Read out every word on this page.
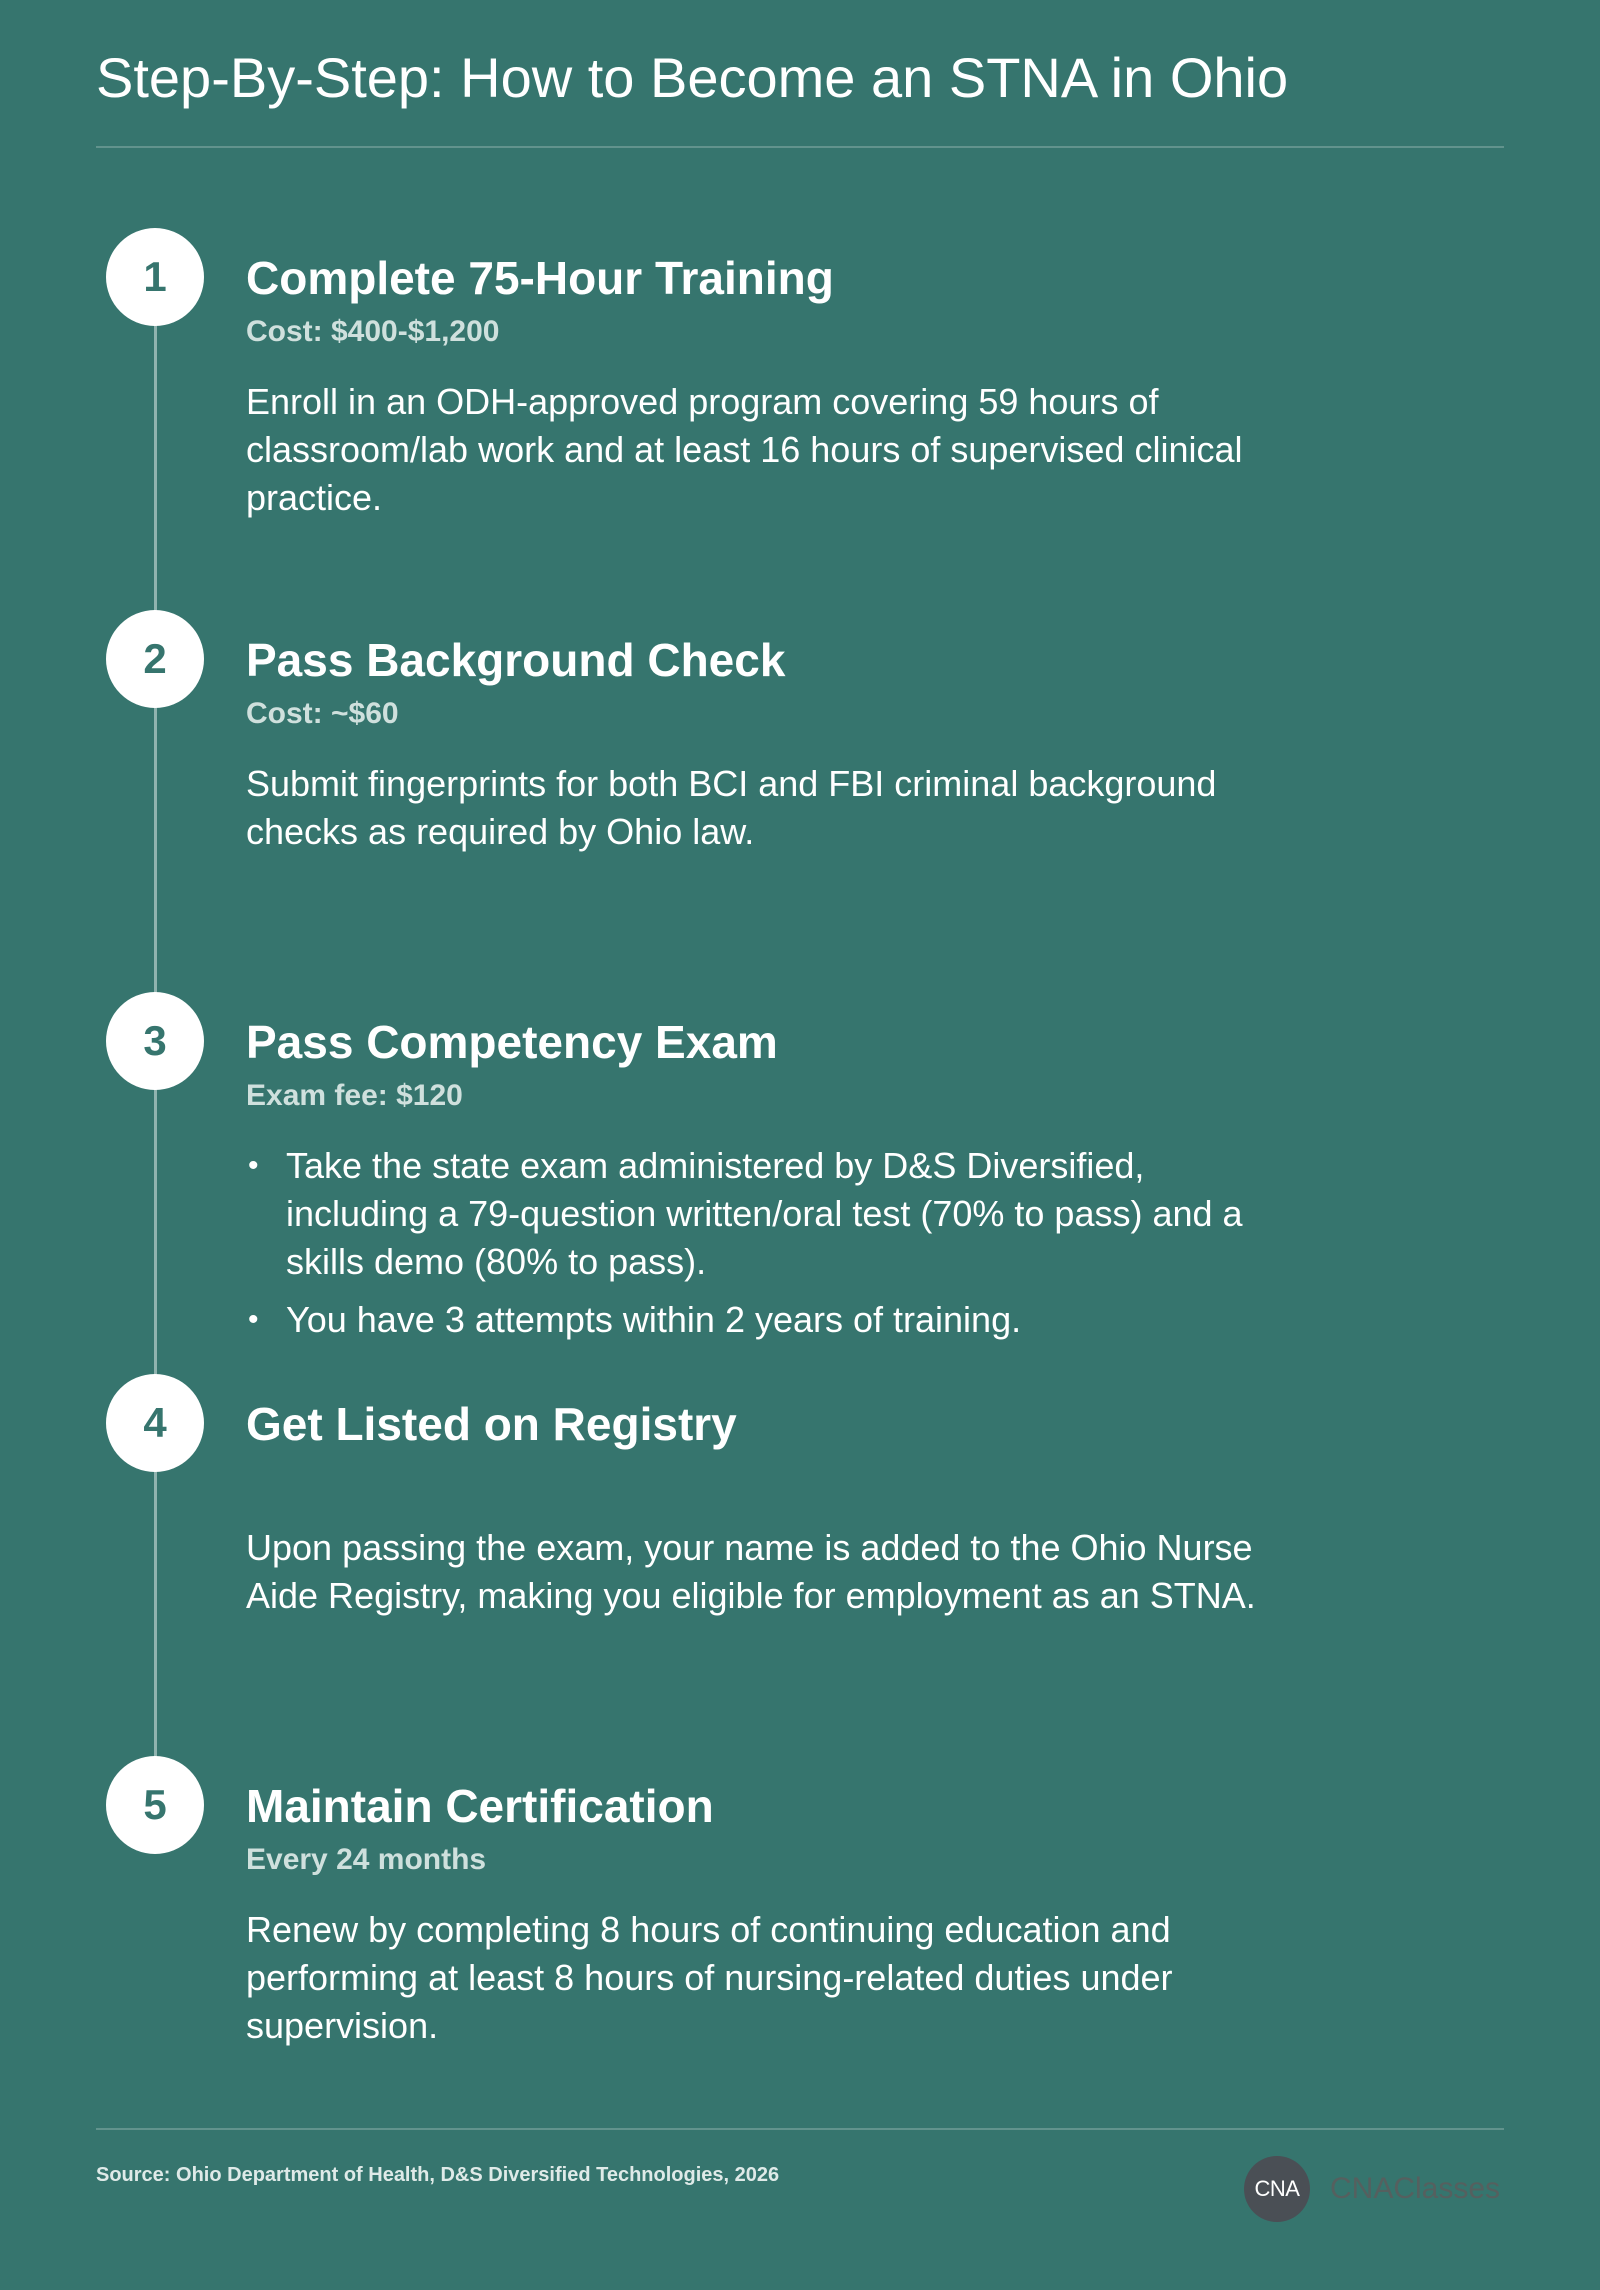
Step-By-Step: How to Become an STNA in Ohio
1	Complete 75-Hour Training
Cost: $400-$1,200
Enroll in an ODH-approved program covering 59 hours of classroom/lab work and at least 16 hours of supervised clinical practice.
2	Pass Background Check
Cost: ~$60
Submit fingerprints for both BCI and FBI criminal background checks as required by Ohio law.
3	Pass Competency Exam
Exam fee: $120
• Take the state exam administered by D&S Diversified, including a 79-question written/oral test (70% to pass) and a skills demo (80% to pass).
• You have 3 attempts within 2 years of training.
4	Get Listed on Registry
Upon passing the exam, your name is added to the Ohio Nurse Aide Registry, making you eligible for employment as an STNA.
5	Maintain Certification
Every 24 months
Renew by completing 8 hours of continuing education and performing at least 8 hours of nursing-related duties under supervision.
Source: Ohio Department of Health, D&S Diversified Technologies, 2026
CNA	CNAClasses
